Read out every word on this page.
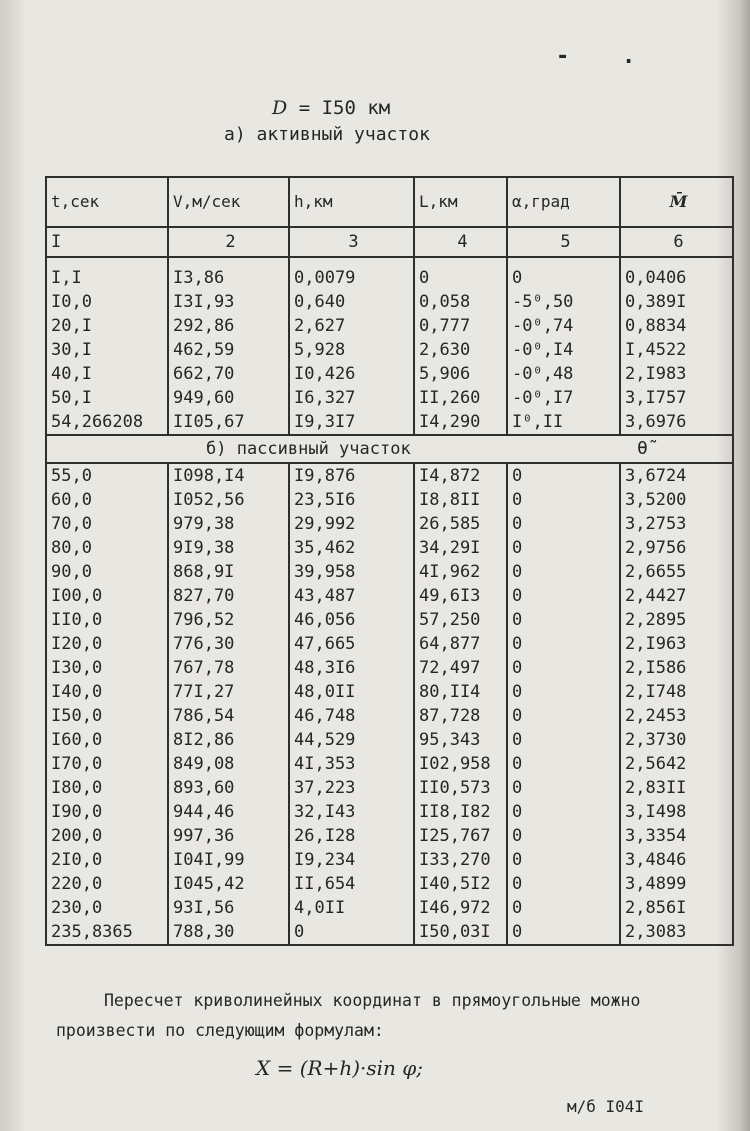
- .
D = I50 км
а) активный участок
t,сек	V,м/сек	h,км	L,км	α,град	M̄
I	2	3	4	5	6

I,I	I3,86	0,0079	0	0	0,0406
I0,0	I3I,93	0,640	0,058	-5⁰,50	0,389I
20,I	292,86	2,627	0,777	-0⁰,74	0,8834
30,I	462,59	5,928	2,630	-0⁰,I4	I,4522
40,I	662,70	I0,426	5,906	-0⁰,48	2,I983
50,I	949,60	I6,327	II,260	-0⁰,I7	3,I757
54,266208	II05,67	I9,3I7	I4,290	I⁰,II	3,6976
б) пассивный участок θ̃					

55,0	I098,I4	I9,876	I4,872	0	3,6724
60,0	I052,56	23,5I6	I8,8II	0	3,5200
70,0	979,38	29,992	26,585	0	3,2753
80,0	9I9,38	35,462	34,29I	0	2,9756
90,0	868,9I	39,958	4I,962	0	2,6655
I00,0	827,70	43,487	49,6I3	0	2,4427
II0,0	796,52	46,056	57,250	0	2,2895
I20,0	776,30	47,665	64,877	0	2,I963
I30,0	767,78	48,3I6	72,497	0	2,I586
I40,0	77I,27	48,0II	80,II4	0	2,I748
I50,0	786,54	46,748	87,728	0	2,2453
I60,0	8I2,86	44,529	95,343	0	2,3730
I70,0	849,08	4I,353	I02,958	0	2,5642
I80,0	893,60	37,223	II0,573	0	2,83II
I90,0	944,46	32,I43	II8,I82	0	3,I498
200,0	997,36	26,I28	I25,767	0	3,3354
2I0,0	I04I,99	I9,234	I33,270	0	3,4846
220,0	I045,42	II,654	I40,5I2	0	3,4899
230,0	93I,56	4,0II	I46,972	0	2,856I
235,8365	788,30	0	I50,03I	0	2,3083
Пересчет криволинейных координат в прямоугольные можно
произвести по следующим формулам:
X = (R+h)·sin φ;
м/б I04I
